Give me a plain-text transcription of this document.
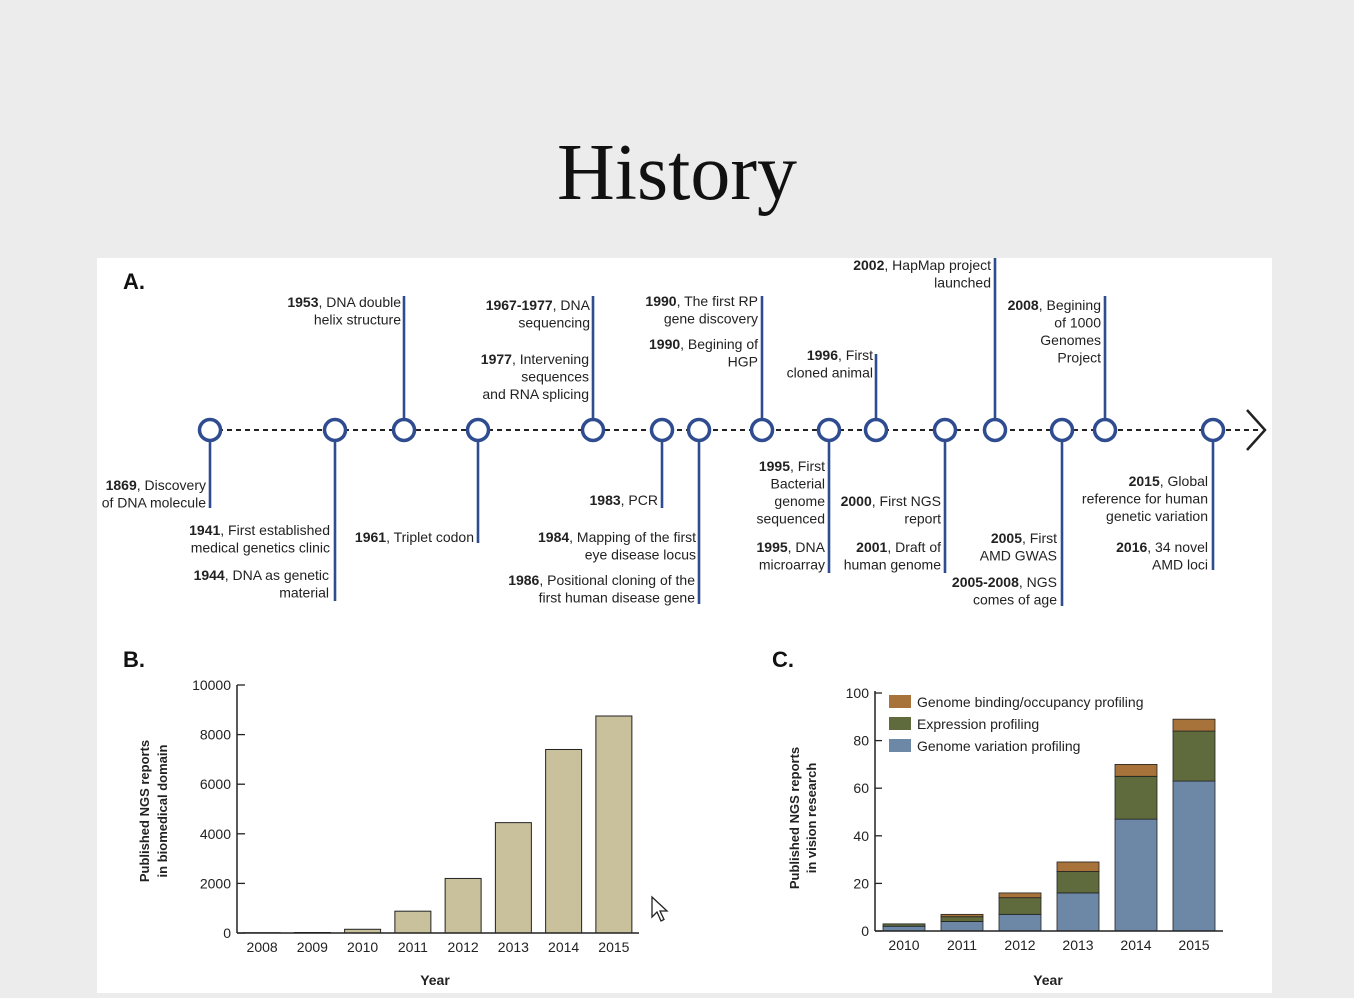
History
A.
1869, Discovery of DNA molecule
1941, First established medical genetics clinic
1944, DNA as genetic material
1953, DNA double helix structure
1961, Triplet codon
1967-1977, DNA sequencing
1977, Intervening sequences and RNA splicing
1983, PCR
1984, Mapping of the first eye disease locus
1986, Positional cloning of the first human disease gene
1990, The first RP gene discovery
1990, Begining of HGP
1995, First Bacterial genome sequenced
1995, DNA microarray
1996, First cloned animal
2000, First NGS report
2001, Draft of human genome
2002, HapMap project launched
2005, First AMD GWAS
2005-2008, NGS comes of age
2008, Begining of 1000 Genomes Project
2015, Global reference for human genetic variation
2016, 34 novel AMD loci
B.
0
2000
4000
6000
8000
10000
2008 2009 2010 2011 2012 2013 2014 2015
Year
Published NGS reports in biomedical domain
C.
0
20
40
60
80
100
2010 2011 2012 2013 2014 2015
Genome binding/occupancy profiling
Expression profiling
Genome variation profiling
Year
Published NGS reports in vision research
